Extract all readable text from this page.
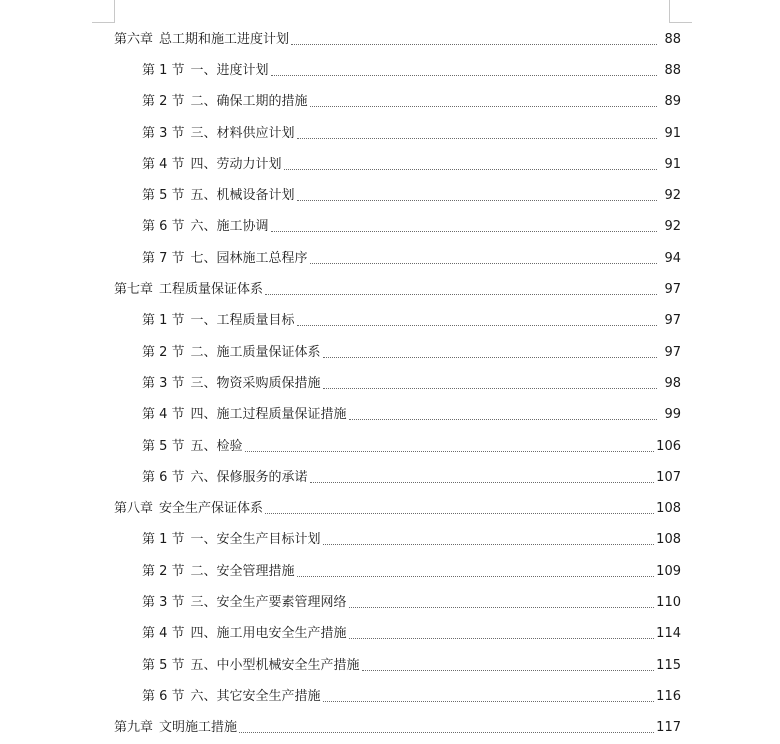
第六章 总工期和施工进度计划	88
第 1 节 一、进度计划	88
第 2 节 二、确保工期的措施	89
第 3 节 三、材料供应计划	91
第 4 节 四、劳动力计划	91
第 5 节 五、机械设备计划	92
第 6 节 六、施工协调	92
第 7 节 七、园林施工总程序	94
第七章 工程质量保证体系	97
第 1 节 一、工程质量目标	97
第 2 节 二、施工质量保证体系	97
第 3 节 三、物资采购质保措施	98
第 4 节 四、施工过程质量保证措施	99
第 5 节 五、检验	106
第 6 节 六、保修服务的承诺	107
第八章 安全生产保证体系	108
第 1 节 一、安全生产目标计划	108
第 2 节 二、安全管理措施	109
第 3 节 三、安全生产要素管理网络	110
第 4 节 四、施工用电安全生产措施	114
第 5 节 五、中小型机械安全生产措施	115
第 6 节 六、其它安全生产措施	116
第九章 文明施工措施	117
